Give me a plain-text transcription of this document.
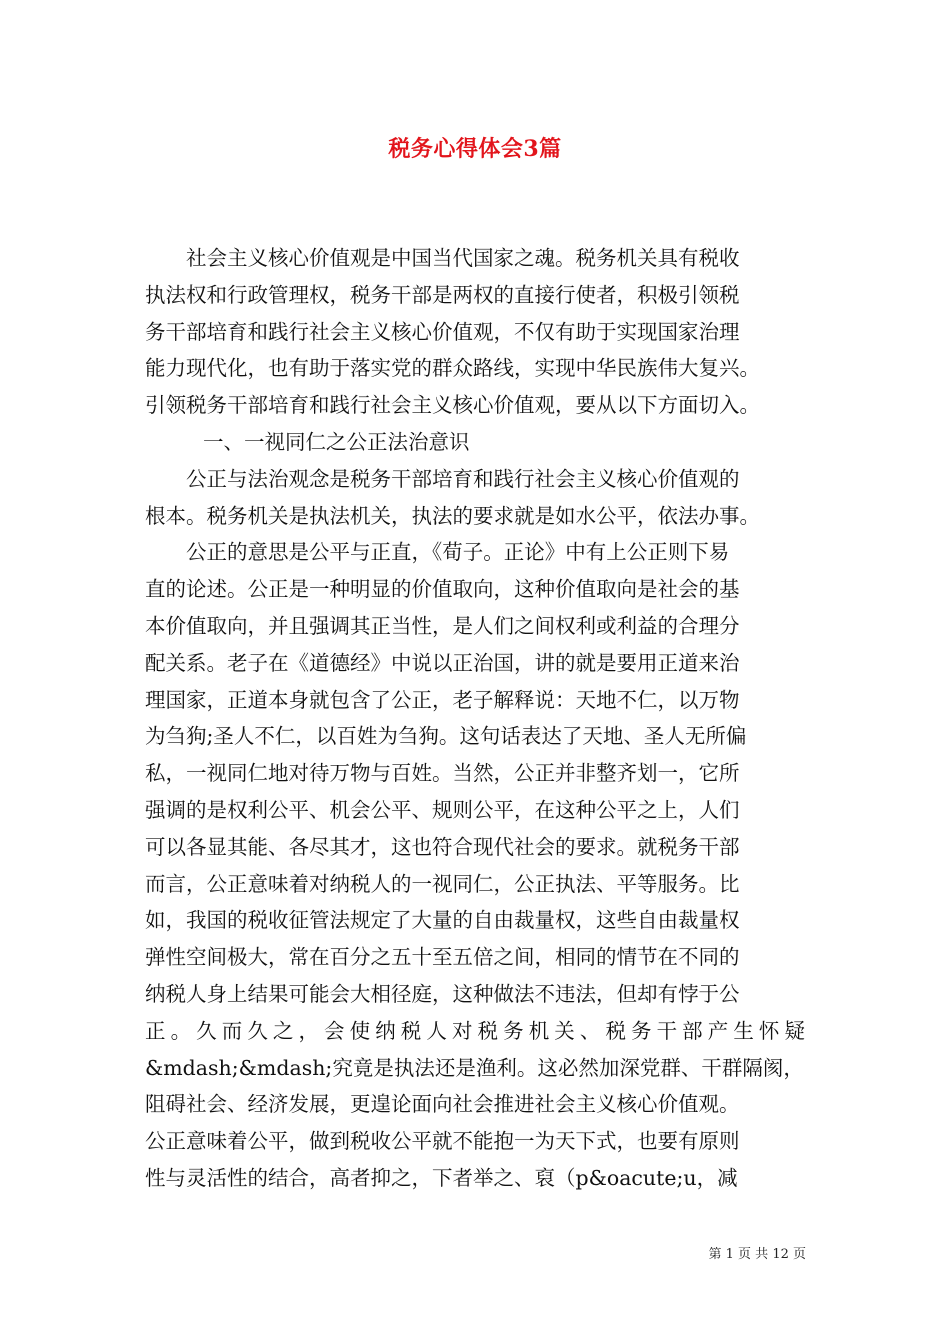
税务心得体会3篇
社会主义核心价值观是中国当代国家之魂。税务机关具有税收
执法权和行政管理权，税务干部是两权的直接行使者，积极引领税
务干部培育和践行社会主义核心价值观，不仅有助于实现国家治理
能力现代化，也有助于落实党的群众路线，实现中华民族伟大复兴。
引领税务干部培育和践行社会主义核心价值观，要从以下方面切入。
一、一视同仁之公正法治意识
公正与法治观念是税务干部培育和践行社会主义核心价值观的
根本。税务机关是执法机关，执法的要求就是如水公平，依法办事。
公正的意思是公平与正直，《荀子。正论》中有上公正则下易
直的论述。公正是一种明显的价值取向，这种价值取向是社会的基
本价值取向，并且强调其正当性，是人们之间权利或利益的合理分
配关系。老子在《道德经》中说以正治国，讲的就是要用正道来治
理国家，正道本身就包含了公正，老子解释说：天地不仁，以万物
为刍狗;圣人不仁，以百姓为刍狗。这句话表达了天地、圣人无所偏
私，一视同仁地对待万物与百姓。当然，公正并非整齐划一，它所
强调的是权利公平、机会公平、规则公平，在这种公平之上，人们
可以各显其能、各尽其才，这也符合现代社会的要求。就税务干部
而言，公正意味着对纳税人的一视同仁，公正执法、平等服务。比
如，我国的税收征管法规定了大量的自由裁量权，这些自由裁量权
弹性空间极大，常在百分之五十至五倍之间，相同的情节在不同的
纳税人身上结果可能会大相径庭，这种做法不违法，但却有悖于公
正。久而久之，会使纳税人对税务机关、税务干部产生怀疑
&mdash;&mdash;究竟是执法还是渔利。这必然加深党群、干群隔阂，
阻碍社会、经济发展，更遑论面向社会推进社会主义核心价值观。
公正意味着公平，做到税收公平就不能抱一为天下式，也要有原则
性与灵活性的结合，高者抑之，下者举之、裒（p&oacute;u，减
第 1 页 共 12 页
